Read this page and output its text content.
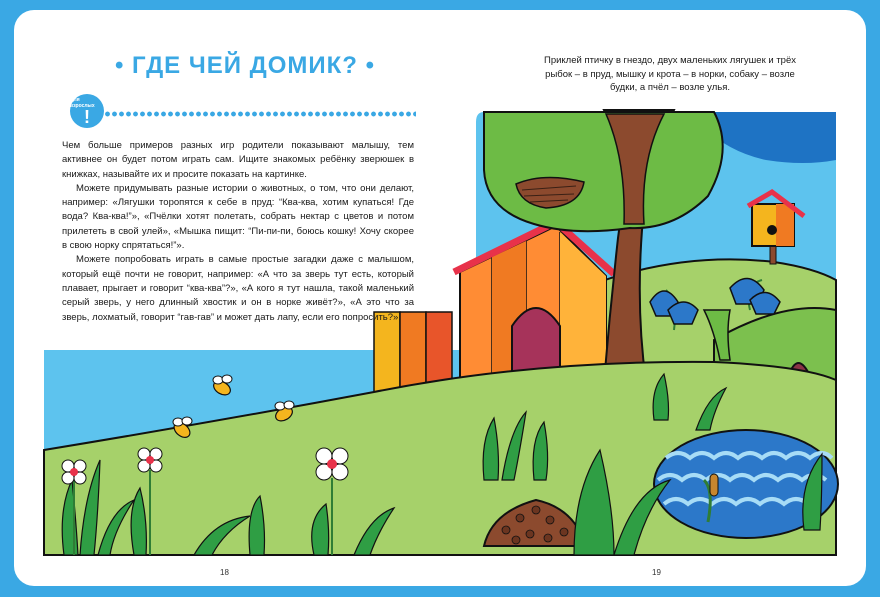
• ГДЕ ЧЕЙ ДОМИК? •
Для взрослых
!

Чем больше примеров разных игр родители показывают малышу, тем активнее он будет потом играть сам. Ищите знакомых ребёнку зверюшек в книжках, называйте их и просите показать на картинке.

Можете придумывать разные истории о животных, о том, что они делают, например: «Лягушки торопятся к себе в пруд: “Ква-ква, хотим купаться! Где вода? Ква-ква!”», «Пчёлки хотят полетать, собрать нектар с цветов и потом прилететь в свой улей», «Мышка пищит: “Пи-пи-пи, боюсь кошку! Хочу скорее в свою норку спрятаться!”».

Можете попробовать играть в самые простые загадки даже с малышом, который ещё почти не говорит, например: «А что за зверь тут есть, который плавает, прыгает и говорит “ква-ква”?», «А кого я тут нашла, такой маленький серый зверь, у него длинный хвостик и он в норке живёт?», «А это что за зверь, лохматый, говорит “гав-гав” и может дать лапу, если его попросить?».

Приклей птичку в гнездо, двух маленьких лягушек и трёх рыбок – в пруд, мышку и крота – в норки, собаку – возле будки, а пчёл – возле улья.
18	19
